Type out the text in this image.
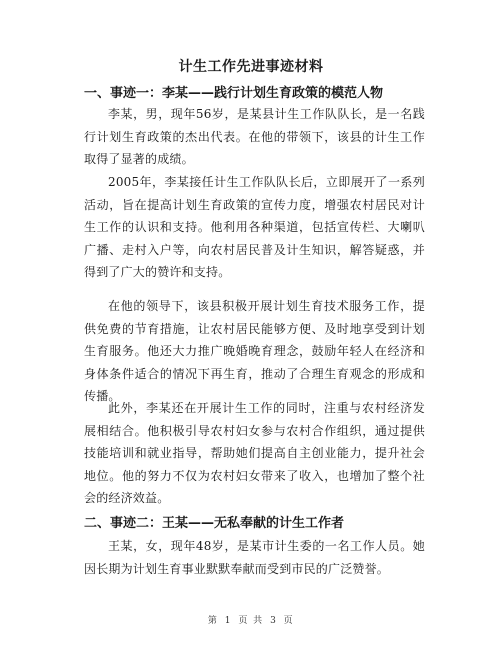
计生工作先进事迹材料
一、事迹一：李某——践行计划生育政策的模范人物
李某，男，现年56岁，是某县计生工作队队长，是一名践行计划生育政策的杰出代表。在他的带领下，该县的计生工作取得了显著的成绩。
2005年，李某接任计生工作队队长后，立即展开了一系列活动，旨在提高计划生育政策的宣传力度，增强农村居民对计生工作的认识和支持。他利用各种渠道，包括宣传栏、大喇叭广播、走村入户等，向农村居民普及计生知识，解答疑惑，并得到了广大的赞许和支持。
在他的领导下，该县积极开展计划生育技术服务工作，提供免费的节育措施，让农村居民能够方便、及时地享受到计划生育服务。他还大力推广晚婚晚育理念，鼓励年轻人在经济和身体条件适合的情况下再生育，推动了合理生育观念的形成和传播。
此外，李某还在开展计生工作的同时，注重与农村经济发展相结合。他积极引导农村妇女参与农村合作组织，通过提供技能培训和就业指导，帮助她们提高自主创业能力，提升社会地位。他的努力不仅为农村妇女带来了收入，也增加了整个社会的经济效益。
二、事迹二：王某——无私奉献的计生工作者
王某，女，现年48岁，是某市计生委的一名工作人员。她因长期为计划生育事业默默奉献而受到市民的广泛赞誉。
第 1 页 共 3 页
